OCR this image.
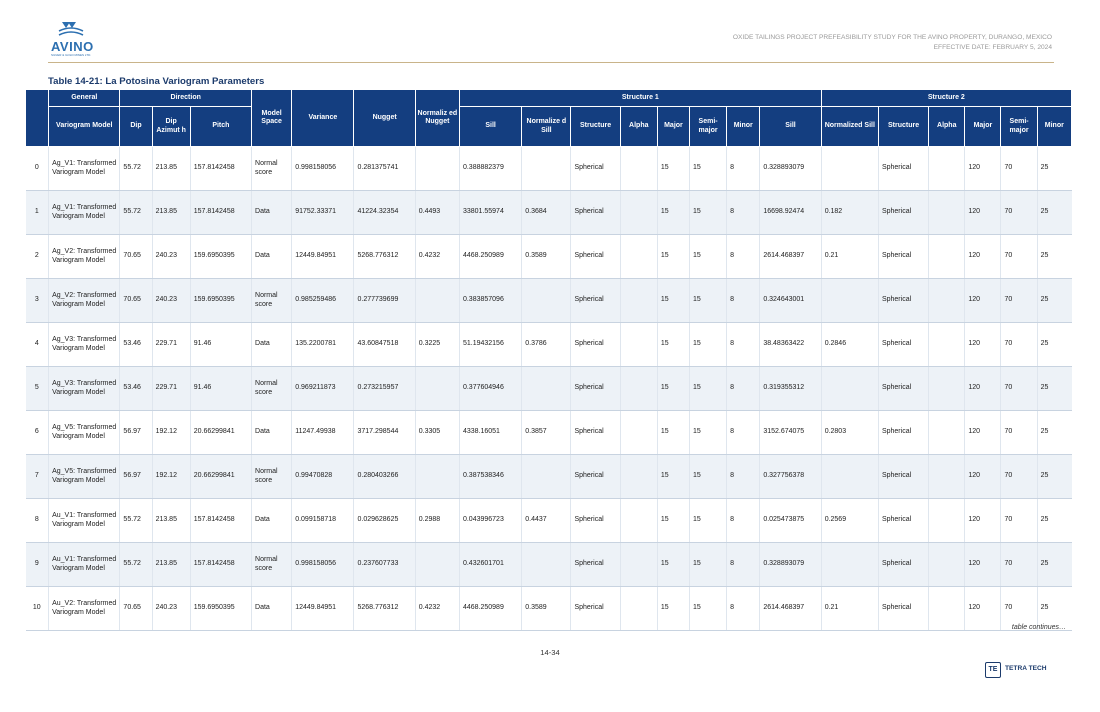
AVINO
SILVER & GOLD MINES LTD.
OXIDE TAILINGS PROJECT PREFEASIBILITY STUDY FOR THE AVINO PROPERTY, DURANGO, MEXICO
EFFECTIVE DATE: FEBRUARY 5, 2024
Table 14-21: La Potosina Variogram Parameters
	General	Direction			Model Space	Variance	Nugget	Normaliz ed Nugget	Structure 1								Structure 2					
	Variogram Model	Dip	Dip Azimut h	Pitch					Sill	Normalize d Sill	Structure	Alpha	Major	Semi-major	Minor	Sill	Normalized Sill	Structure	Alpha	Major	Semi-major	Minor
0	Ag_V1: Transformed Variogram Model	55.72	213.85	157.8142458	Normal score	0.998158056	0.281375741		0.388882379		Spherical		15	15	8	0.328893079		Spherical		120	70	25
1	Ag_V1: Transformed Variogram Model	55.72	213.85	157.8142458	Data	91752.33371	41224.32354	0.4493	33801.55974	0.3684	Spherical		15	15	8	16698.92474	0.182	Spherical		120	70	25
2	Ag_V2: Transformed Variogram Model	70.65	240.23	159.6950395	Data	12449.84951	5268.776312	0.4232	4468.250989	0.3589	Spherical		15	15	8	2614.468397	0.21	Spherical		120	70	25
3	Ag_V2: Transformed Variogram Model	70.65	240.23	159.6950395	Normal score	0.985259486	0.277739699		0.383857096		Spherical		15	15	8	0.324643001		Spherical		120	70	25
4	Ag_V3: Transformed Variogram Model	53.46	229.71	91.46	Data	135.2200781	43.60847518	0.3225	51.19432156	0.3786	Spherical		15	15	8	38.48363422	0.2846	Spherical		120	70	25
5	Ag_V3: Transformed Variogram Model	53.46	229.71	91.46	Normal score	0.969211873	0.273215957		0.377604946		Spherical		15	15	8	0.319355312		Spherical		120	70	25
6	Ag_V5: Transformed Variogram Model	56.97	192.12	20.66299841	Data	11247.49938	3717.298544	0.3305	4338.16051	0.3857	Spherical		15	15	8	3152.674075	0.2803	Spherical		120	70	25
7	Ag_V5: Transformed Variogram Model	56.97	192.12	20.66299841	Normal score	0.99470828	0.280403266		0.387538346		Spherical		15	15	8	0.327756378		Spherical		120	70	25
8	Au_V1: Transformed Variogram Model	55.72	213.85	157.8142458	Data	0.099158718	0.029628625	0.2988	0.043996723	0.4437	Spherical		15	15	8	0.025473875	0.2569	Spherical		120	70	25
9	Au_V1: Transformed Variogram Model	55.72	213.85	157.8142458	Normal score	0.998158056	0.237607733		0.432601701		Spherical		15	15	8	0.328893079		Spherical		120	70	25
10	Au_V2: Transformed Variogram Model	70.65	240.23	159.6950395	Data	12449.84951	5268.776312	0.4232	4468.250989	0.3589	Spherical		15	15	8	2614.468397	0.21	Spherical		120	70	25
table continues…
14-34
TE	TETRA TECH
